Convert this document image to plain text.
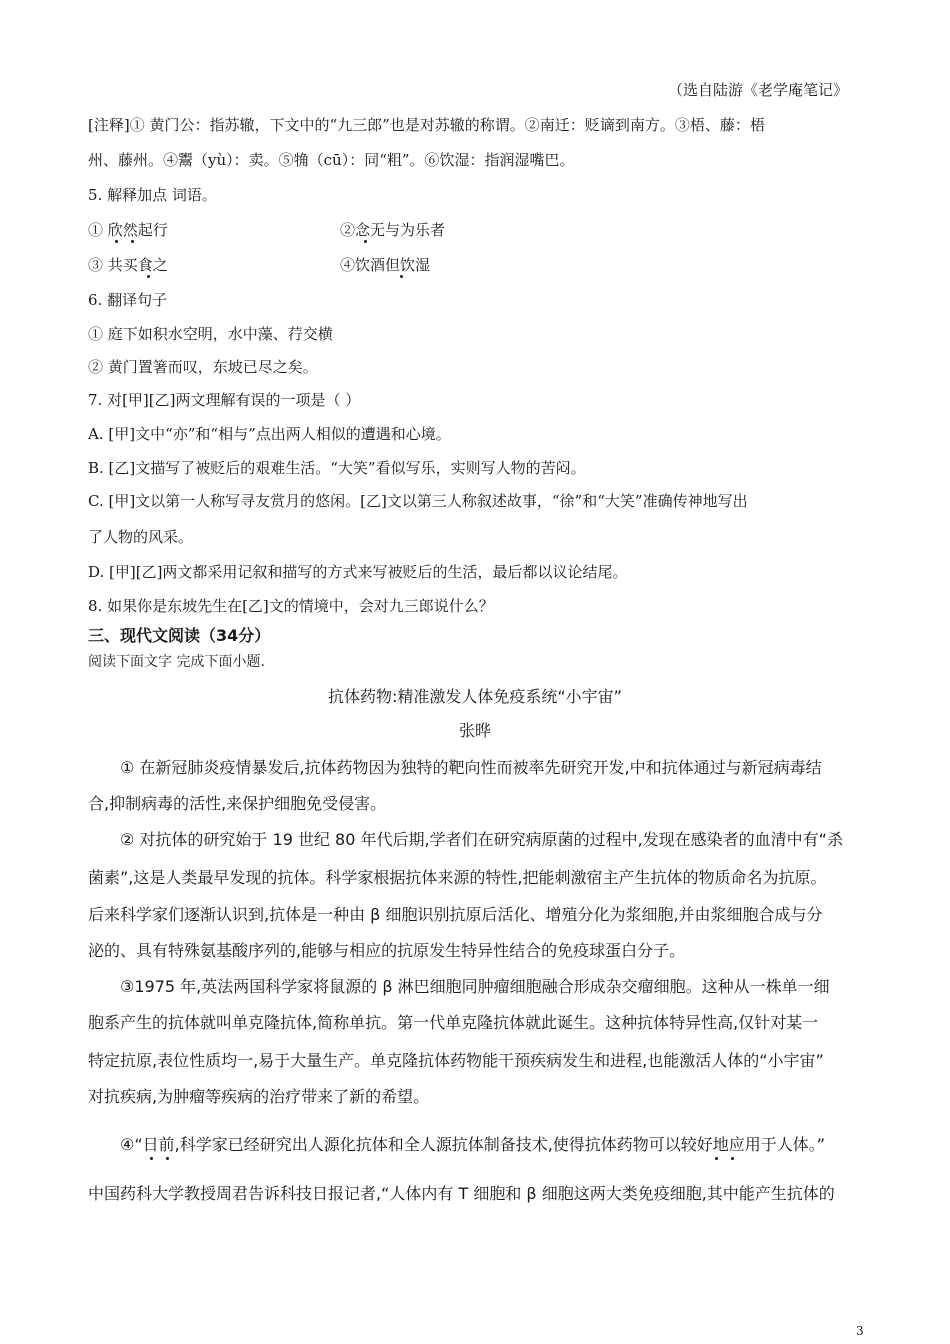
（选自陆游《老学庵笔记》
[注释]① 黄门公：指苏辙，下文中的“九三郎”也是对苏辙的称谓。②南迁：贬谪到南方。③梧、藤：梧
州、藤州。④鬻（yù）：卖。⑤觕（cū）：同“粗”。⑥饮湿：指润湿嘴巴。
5. 解释加点 词语。
① 欣然起行	②念无与为乐者
③ 共买食之	④饮酒但饮湿
6. 翻译句子
① 庭下如积水空明，水中藻、荇交横
② 黄门置箸而叹，东坡已尽之矣。
7. 对[甲][乙]两文理解有误的一项是（ ）
A. [甲]文中“亦”和“相与”点出两人相似的遭遇和心境。
B. [乙]文描写了被贬后的艰难生活。“大笑”看似写乐，实则写人物的苦闷。
C. [甲]文以第一人称写寻友赏月的悠闲。[乙]文以第三人称叙述故事，“徐”和“大笑”准确传神地写出
了人物的风采。
D. [甲][乙]两文都采用记叙和描写的方式来写被贬后的生活，最后都以议论结尾。
8. 如果你是东坡先生在[乙]文的情境中，会对九三郎说什么？
三、现代文阅读（34分）
阅读下面文字 完成下面小题.
抗体药物:精准激发人体免疫系统“小宇宙”
张晔
① 在新冠肺炎疫情暴发后,抗体药物因为独特的靶向性而被率先研究开发,中和抗体通过与新冠病毒结
合,抑制病毒的活性,来保护细胞免受侵害。
② 对抗体的研究始于 19 世纪 80 年代后期,学者们在研究病原菌的过程中,发现在感染者的血清中有“杀
菌素”,这是人类最早发现的抗体。科学家根据抗体来源的特性,把能刺激宿主产生抗体的物质命名为抗原。
后来科学家们逐渐认识到,抗体是一种由 β 细胞识别抗原后活化、增殖分化为浆细胞,并由浆细胞合成与分
泌的、具有特殊氨基酸序列的,能够与相应的抗原发生特异性结合的免疫球蛋白分子。
③1975 年,英法两国科学家将鼠源的 β 淋巴细胞同肿瘤细胞融合形成杂交瘤细胞。这种从一株单一细
胞系产生的抗体就叫单克隆抗体,简称单抗。第一代单克隆抗体就此诞生。这种抗体特异性高,仅针对某一
特定抗原,表位性质均一,易于大量生产。单克隆抗体药物能干预疾病发生和进程,也能激活人体的“小宇宙”
对抗疾病,为肿瘤等疾病的治疗带来了新的希望。
④“日前,科学家已经研究出人源化抗体和全人源抗体制备技术,使得抗体药物可以较好地应用于人体。”
中国药科大学教授周君告诉科技日报记者,“人体内有 T 细胞和 β 细胞这两大类免疫细胞,其中能产生抗体的
3
